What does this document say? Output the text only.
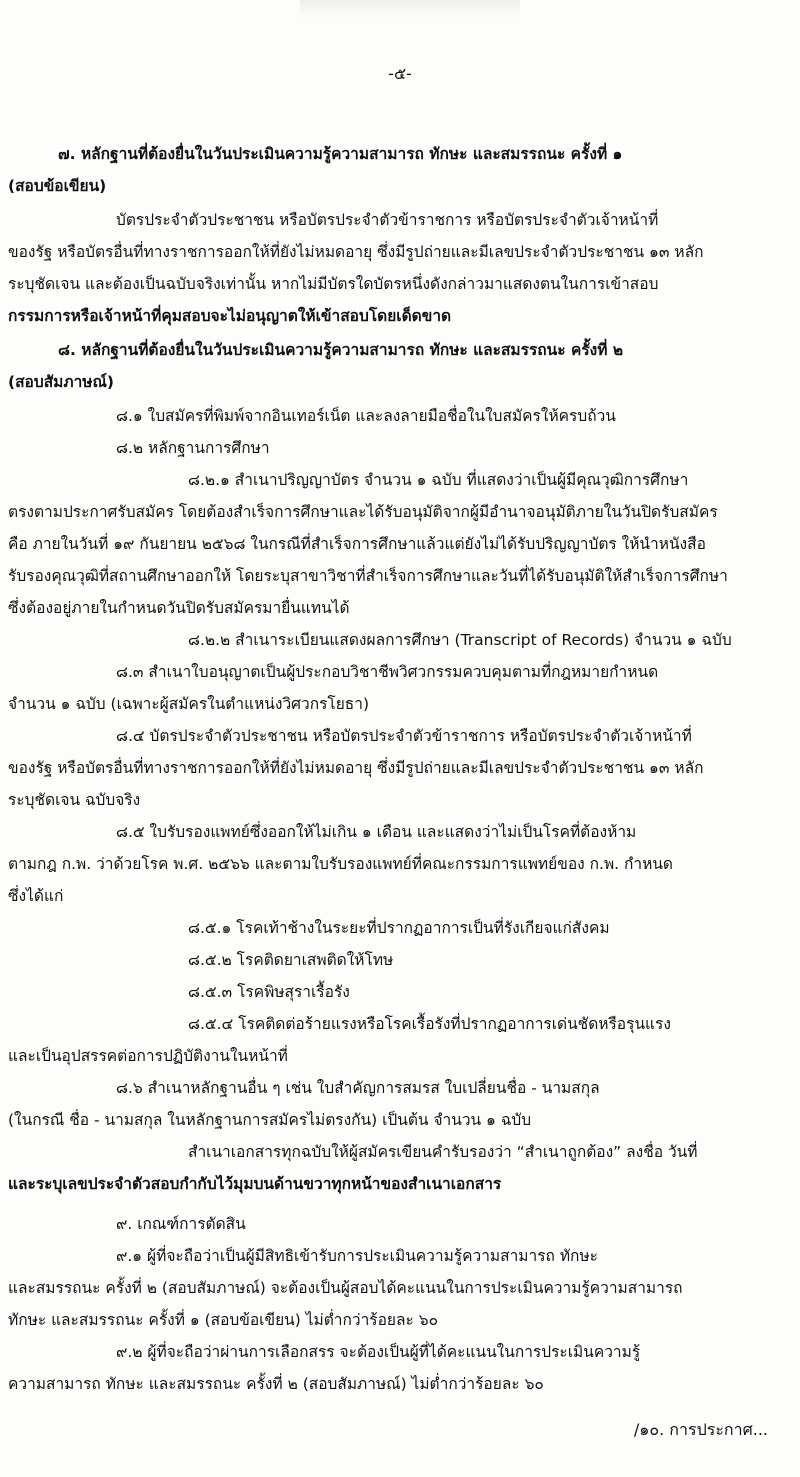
-๕-
๗. หลักฐานที่ต้องยื่นในวันประเมินความรู้ความสามารถ ทักษะ และสมรรถนะ ครั้งที่ ๑
(สอบข้อเขียน)
บัตรประจำตัวประชาชน หรือบัตรประจำตัวข้าราชการ หรือบัตรประจำตัวเจ้าหน้าที่
ของรัฐ หรือบัตรอื่นที่ทางราชการออกให้ที่ยังไม่หมดอายุ ซึ่งมีรูปถ่ายและมีเลขประจำตัวประชาชน ๑๓ หลัก
ระบุชัดเจน และต้องเป็นฉบับจริงเท่านั้น หากไม่มีบัตรใดบัตรหนึ่งดังกล่าวมาแสดงตนในการเข้าสอบ
กรรมการหรือเจ้าหน้าที่คุมสอบจะไม่อนุญาตให้เข้าสอบโดยเด็ดขาด
๘. หลักฐานที่ต้องยื่นในวันประเมินความรู้ความสามารถ ทักษะ และสมรรถนะ ครั้งที่ ๒
(สอบสัมภาษณ์)
๘.๑ ใบสมัครที่พิมพ์จากอินเทอร์เน็ต และลงลายมือชื่อในใบสมัครให้ครบถ้วน
๘.๒ หลักฐานการศึกษา
๘.๒.๑ สำเนาปริญญาบัตร จำนวน ๑ ฉบับ ที่แสดงว่าเป็นผู้มีคุณวุฒิการศึกษา
ตรงตามประกาศรับสมัคร โดยต้องสำเร็จการศึกษาและได้รับอนุมัติจากผู้มีอำนาจอนุมัติภายในวันปิดรับสมัคร
คือ ภายในวันที่ ๑๙ กันยายน ๒๕๖๘ ในกรณีที่สำเร็จการศึกษาแล้วแต่ยังไม่ได้รับปริญญาบัตร ให้นำหนังสือ
รับรองคุณวุฒิที่สถานศึกษาออกให้ โดยระบุสาขาวิชาที่สำเร็จการศึกษาและวันที่ได้รับอนุมัติให้สำเร็จการศึกษา
ซึ่งต้องอยู่ภายในกำหนดวันปิดรับสมัครมายื่นแทนได้
๘.๒.๒ สำเนาระเบียนแสดงผลการศึกษา (Transcript of Records) จำนวน ๑ ฉบับ
๘.๓ สำเนาใบอนุญาตเป็นผู้ประกอบวิชาชีพวิศวกรรมควบคุมตามที่กฎหมายกำหนด
จำนวน ๑ ฉบับ (เฉพาะผู้สมัครในตำแหน่งวิศวกรโยธา)
๘.๔ บัตรประจำตัวประชาชน หรือบัตรประจำตัวข้าราชการ หรือบัตรประจำตัวเจ้าหน้าที่
ของรัฐ หรือบัตรอื่นที่ทางราชการออกให้ที่ยังไม่หมดอายุ ซึ่งมีรูปถ่ายและมีเลขประจำตัวประชาชน ๑๓ หลัก
ระบุชัดเจน ฉบับจริง
๘.๕ ใบรับรองแพทย์ซึ่งออกให้ไม่เกิน ๑ เดือน และแสดงว่าไม่เป็นโรคที่ต้องห้าม
ตามกฎ ก.พ. ว่าด้วยโรค พ.ศ. ๒๕๖๖ และตามใบรับรองแพทย์ที่คณะกรรมการแพทย์ของ ก.พ. กำหนด
ซึ่งได้แก่
๘.๕.๑ โรคเท้าช้างในระยะที่ปรากฏอาการเป็นที่รังเกียจแก่สังคม
๘.๕.๒ โรคติดยาเสพติดให้โทษ
๘.๕.๓ โรคพิษสุราเรื้อรัง
๘.๕.๔ โรคติดต่อร้ายแรงหรือโรคเรื้อรังที่ปรากฏอาการเด่นชัดหรือรุนแรง
และเป็นอุปสรรคต่อการปฏิบัติงานในหน้าที่
๘.๖ สำเนาหลักฐานอื่น ๆ เช่น ใบสำคัญการสมรส ใบเปลี่ยนชื่อ - นามสกุล
(ในกรณี ชื่อ - นามสกุล ในหลักฐานการสมัครไม่ตรงกัน) เป็นต้น จำนวน ๑ ฉบับ
สำเนาเอกสารทุกฉบับให้ผู้สมัครเขียนคำรับรองว่า “สำเนาถูกต้อง” ลงชื่อ วันที่
และระบุเลขประจำตัวสอบกำกับไว้มุมบนด้านขวาทุกหน้าของสำเนาเอกสาร
๙. เกณฑ์การตัดสิน
๙.๑ ผู้ที่จะถือว่าเป็นผู้มีสิทธิเข้ารับการประเมินความรู้ความสามารถ ทักษะ
และสมรรถนะ ครั้งที่ ๒ (สอบสัมภาษณ์) จะต้องเป็นผู้สอบได้คะแนนในการประเมินความรู้ความสามารถ
ทักษะ และสมรรถนะ ครั้งที่ ๑ (สอบข้อเขียน) ไม่ต่ำกว่าร้อยละ ๖๐
๙.๒ ผู้ที่จะถือว่าผ่านการเลือกสรร จะต้องเป็นผู้ที่ได้คะแนนในการประเมินความรู้
ความสามารถ ทักษะ และสมรรถนะ ครั้งที่ ๒ (สอบสัมภาษณ์) ไม่ต่ำกว่าร้อยละ ๖๐
/๑๐. การประกาศ...
